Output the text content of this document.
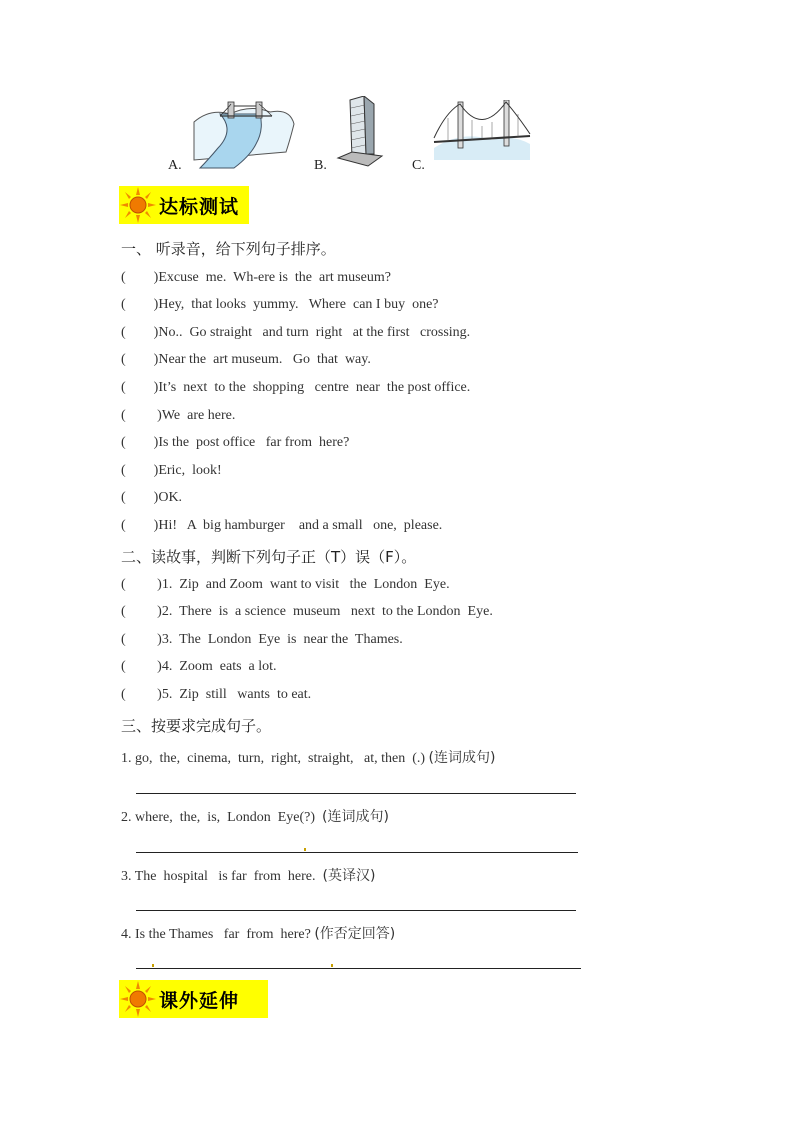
A.	B.	C.
达标测试
一、 听录音，给下列句子排序。
(        )Excuse  me.  Wh-ere is  the  art museum?
(        )Hey,  that looks  yummy.   Where  can I buy  one?
(        )No..  Go straight   and turn  right   at the first   crossing.
(        )Near the  art museum.   Go  that  way.
(        )It’s  next  to the  shopping   centre  near  the post office.
(         )We  are here.
(        )Is the  post office   far from  here?
(        )Eric,  look!
(        )OK.
(        )Hi!   A  big hamburger    and a small   one,  please.
二、读故事，判断下列句子正（T）误（F）。
(         )1.  Zip  and Zoom  want to visit   the  London  Eye.
(         )2.  There  is  a science  museum   next  to the London  Eye.
(         )3.  The  London  Eye  is  near the  Thames.
(         )4.  Zoom  eats  a lot.
(         )5.  Zip  still   wants  to eat.
三、按要求完成句子。
1. go,  the,  cinema,  turn,  right,  straight,   at, then  (.) (连词成句)
2. where,  the,  is,  London  Eye(?)  (连词成句)
3. The  hospital   is far  from  here.  (英译汉)
4. Is the Thames   far  from  here? (作否定回答)
课外延伸
